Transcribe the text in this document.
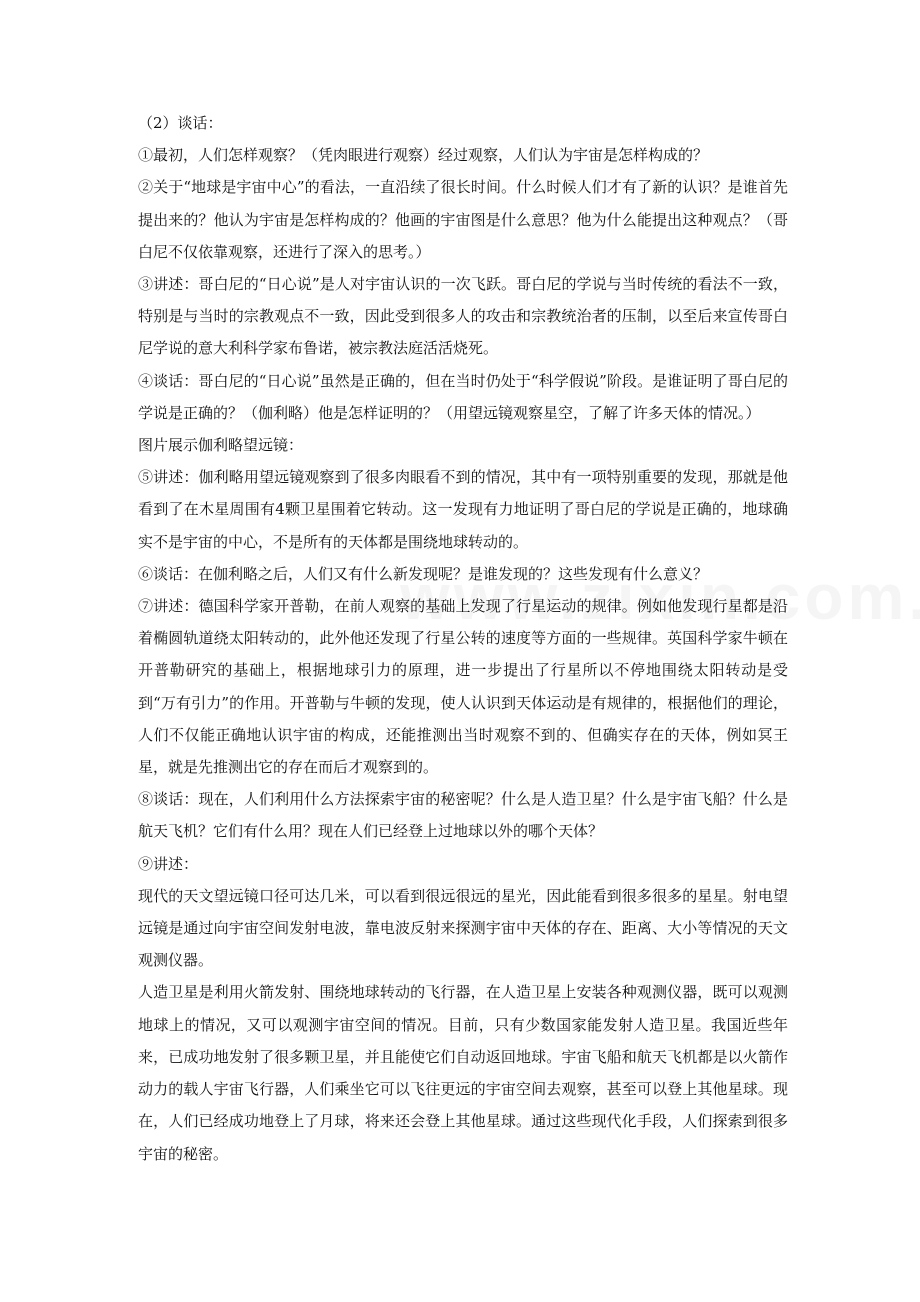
（2）谈话：

①最初，人们怎样观察？（凭肉眼进行观察）经过观察，人们认为宇宙是怎样构成的？

②关于“地球是宇宙中心”的看法，一直沿续了很长时间。什么时候人们才有了新的认识？是谁首先提出来的？他认为宇宙是怎样构成的？他画的宇宙图是什么意思？他为什么能提出这种观点？（哥白尼不仅依靠观察，还进行了深入的思考。）

③讲述：哥白尼的“日心说”是人对宇宙认识的一次飞跃。哥白尼的学说与当时传统的看法不一致，特别是与当时的宗教观点不一致，因此受到很多人的攻击和宗教统治者的压制，以至后来宣传哥白尼学说的意大利科学家布鲁诺，被宗教法庭活活烧死。

④谈话：哥白尼的“日心说”虽然是正确的，但在当时仍处于“科学假说”阶段。是谁证明了哥白尼的学说是正确的？（伽利略）他是怎样证明的？（用望远镜观察星空，了解了许多天体的情况。）

图片展示伽利略望远镜：

⑤讲述：伽利略用望远镜观察到了很多肉眼看不到的情况，其中有一项特别重要的发现，那就是他看到了在木星周围有4颗卫星围着它转动。这一发现有力地证明了哥白尼的学说是正确的，地球确实不是宇宙的中心，不是所有的天体都是围绕地球转动的。

⑥谈话：在伽利略之后，人们又有什么新发现呢？是谁发现的？这些发现有什么意义？

⑦讲述：德国科学家开普勒，在前人观察的基础上发现了行星运动的规律。例如他发现行星都是沿着椭圆轨道绕太阳转动的，此外他还发现了行星公转的速度等方面的一些规律。英国科学家牛顿在开普勒研究的基础上，根据地球引力的原理，进一步提出了行星所以不停地围绕太阳转动是受到“万有引力”的作用。开普勒与牛顿的发现，使人认识到天体运动是有规律的，根据他们的理论，人们不仅能正确地认识宇宙的构成，还能推测出当时观察不到的、但确实存在的天体，例如冥王星，就是先推测出它的存在而后才观察到的。

⑧谈话：现在，人们利用什么方法探索宇宙的秘密呢？什么是人造卫星？什么是宇宙飞船？什么是航天飞机？它们有什么用？现在人们已经登上过地球以外的哪个天体？

⑨讲述：

现代的天文望远镜口径可达几米，可以看到很远很远的星光，因此能看到很多很多的星星。射电望远镜是通过向宇宙空间发射电波，靠电波反射来探测宇宙中天体的存在、距离、大小等情况的天文观测仪器。

人造卫星是利用火箭发射、围绕地球转动的飞行器，在人造卫星上安装各种观测仪器，既可以观测地球上的情况，又可以观测宇宙空间的情况。目前，只有少数国家能发射人造卫星。我国近些年来，已成功地发射了很多颗卫星，并且能使它们自动返回地球。宇宙飞船和航天飞机都是以火箭作动力的载人宇宙飞行器，人们乘坐它可以飞往更远的宇宙空间去观察，甚至可以登上其他星球。现在，人们已经成功地登上了月球，将来还会登上其他星球。通过这些现代化手段，人们探索到很多宇宙的秘密。
